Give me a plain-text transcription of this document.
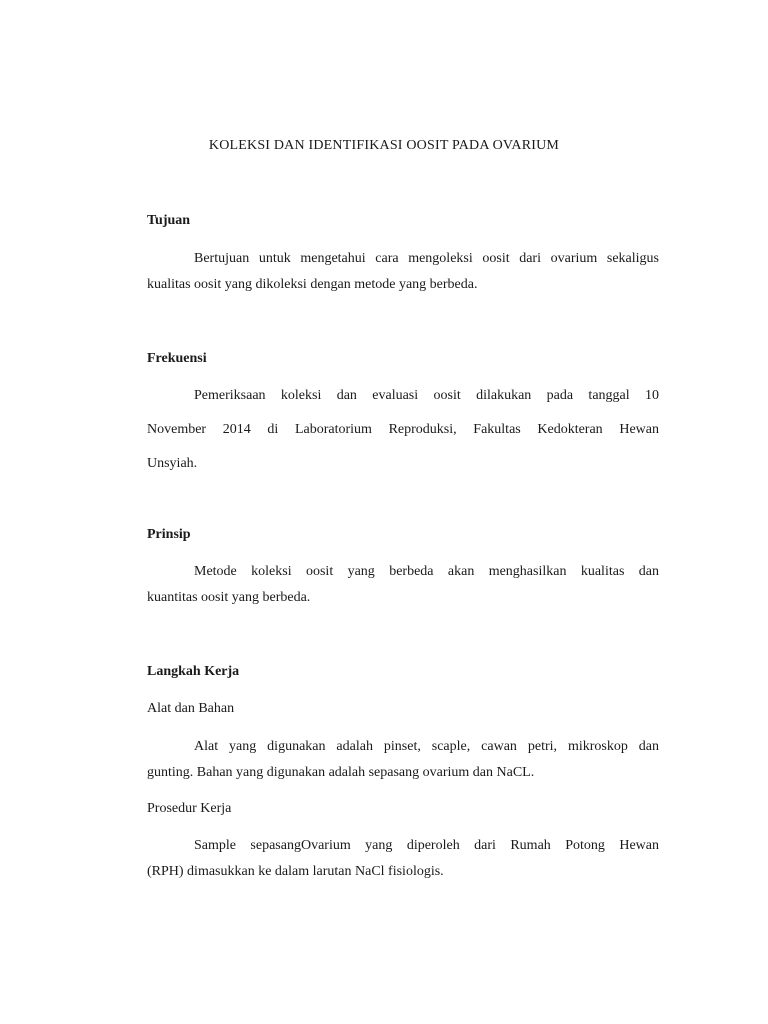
KOLEKSI DAN IDENTIFIKASI OOSIT PADA OVARIUM
Tujuan
Bertujuan untuk mengetahui cara mengoleksi oosit dari ovarium sekaligus
kualitas oosit yang dikoleksi dengan metode yang berbeda.
Frekuensi
Pemeriksaan koleksi dan evaluasi oosit dilakukan pada tanggal 10
November 2014 di Laboratorium Reproduksi, Fakultas Kedokteran Hewan
Unsyiah.
Prinsip
Metode koleksi oosit yang berbeda akan menghasilkan kualitas dan
kuantitas oosit yang berbeda.
Langkah Kerja
Alat dan Bahan
Alat yang digunakan adalah pinset, scaple, cawan petri, mikroskop dan
gunting. Bahan yang digunakan adalah sepasang ovarium dan NaCL.
Prosedur Kerja
Sample sepasangOvarium yang diperoleh dari Rumah Potong Hewan
(RPH) dimasukkan ke dalam larutan NaCl fisiologis.
